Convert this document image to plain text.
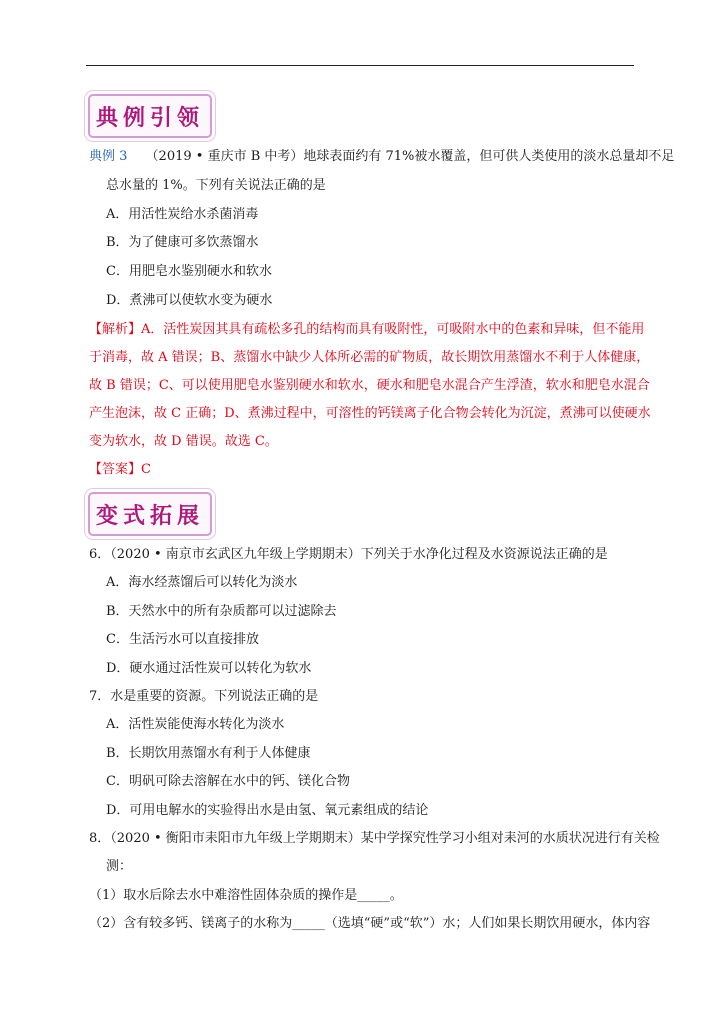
典例引领
典例 3 （2019 • 重庆市 B 中考）地球表面约有 71%被水覆盖，但可供人类使用的淡水总量却不足
总水量的 1%。下列有关说法正确的是
A．用活性炭给水杀菌消毒
B．为了健康可多饮蒸馏水
C．用肥皂水鉴别硬水和软水
D．煮沸可以使软水变为硬水
【解析】A．活性炭因其具有疏松多孔的结构而具有吸附性，可吸附水中的色素和异味，但不能用
于消毒，故 A 错误；B、蒸馏水中缺少人体所必需的矿物质，故长期饮用蒸馏水不利于人体健康，
故 B 错误；C、可以使用肥皂水鉴别硬水和软水，硬水和肥皂水混合产生浮渣，软水和肥皂水混合
产生泡沫，故 C 正确；D、煮沸过程中，可溶性的钙镁离子化合物会转化为沉淀，煮沸可以使硬水
变为软水，故 D 错误。故选 C。
【答案】C
变式拓展
6．（2020 • 南京市玄武区九年级上学期期末）下列关于水净化过程及水资源说法正确的是
A．海水经蒸馏后可以转化为淡水
B．天然水中的所有杂质都可以过滤除去
C．生活污水可以直接排放
D．硬水通过活性炭可以转化为软水
7．水是重要的资源。下列说法正确的是
A．活性炭能使海水转化为淡水
B．长期饮用蒸馏水有利于人体健康
C．明矾可除去溶解在水中的钙、镁化合物
D．可用电解水的实验得出水是由氢、氧元素组成的结论
8．（2020 • 衡阳市耒阳市九年级上学期期末）某中学探究性学习小组对耒河的水质状况进行有关检
测：
（1）取水后除去水中难溶性固体杂质的操作是_____。
（2）含有较多钙、镁离子的水称为_____（选填“硬”或“软”）水；人们如果长期饮用硬水，体内容
